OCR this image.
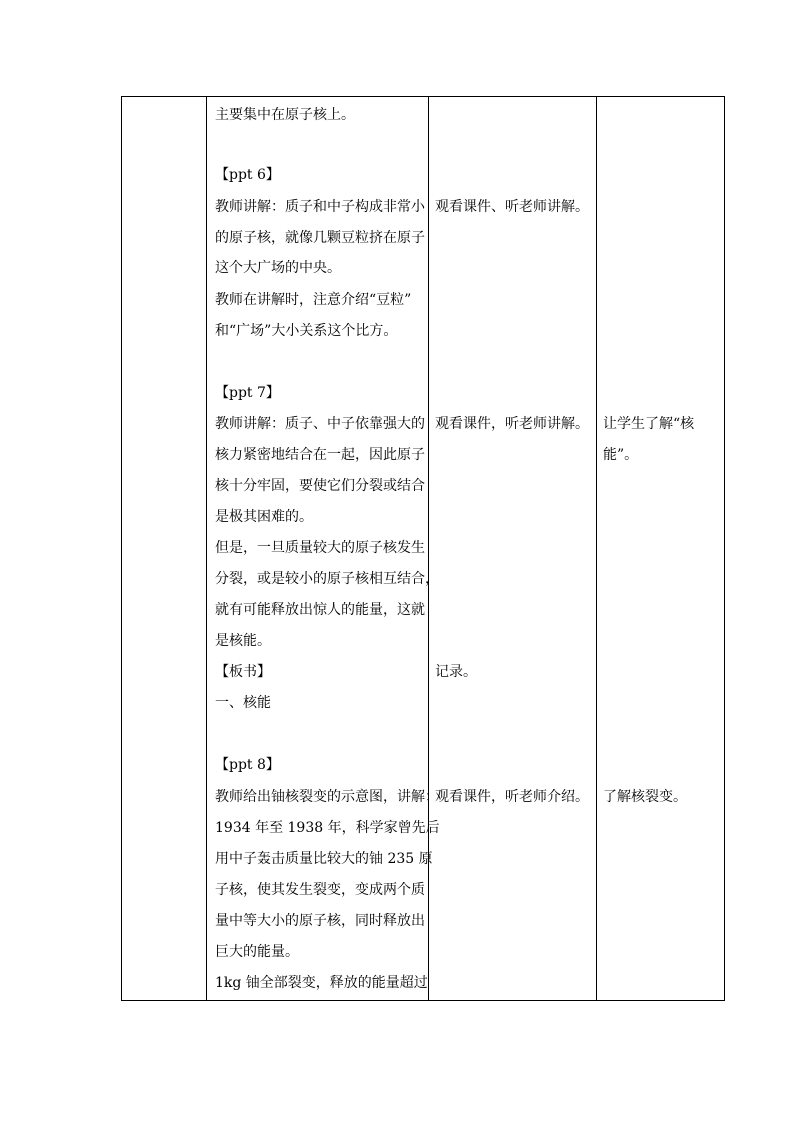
主要集中在原子核上。
【ppt 6】
教师讲解：质子和中子构成非常小
的原子核，就像几颗豆粒挤在原子
这个大广场的中央。
教师在讲解时，注意介绍“豆粒”
和“广场”大小关系这个比方。
【ppt 7】
教师讲解：质子、中子依靠强大的
核力紧密地结合在一起，因此原子
核十分牢固，要使它们分裂或结合
是极其困难的。
但是，一旦质量较大的原子核发生
分裂，或是较小的原子核相互结合，
就有可能释放出惊人的能量，这就
是核能。
【板书】
一、核能
【ppt 8】
教师给出铀核裂变的示意图，讲解：
1934 年至 1938 年，科学家曾先后
用中子轰击质量比较大的铀 235 原
子核，使其发生裂变，变成两个质
量中等大小的原子核，同时释放出
巨大的能量。
1kg 铀全部裂变，释放的能量超过
观看课件、听老师讲解。
观看课件，听老师讲解。
记录。
观看课件，听老师介绍。
让学生了解“核
能”。
了解核裂变。
